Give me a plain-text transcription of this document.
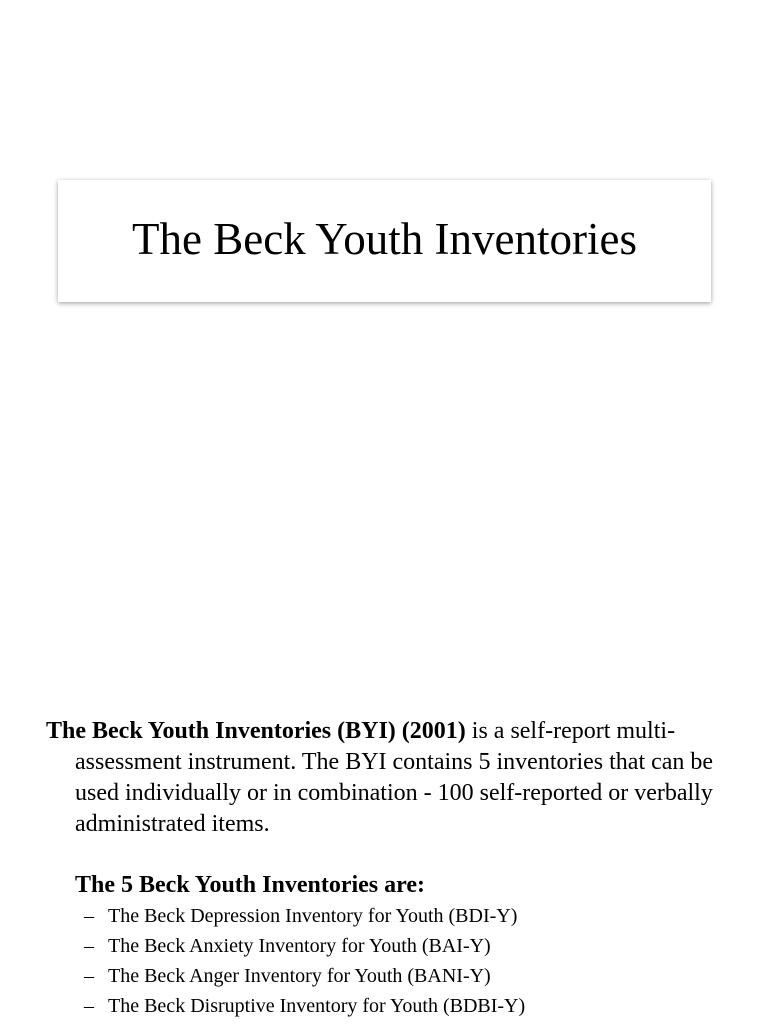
The Beck Youth Inventories

The Beck Youth Inventories (BYI) (2001) is a self-report multi-assessment instrument. The BYI contains 5 inventories that can be used individually or in combination - 100 self-reported or verbally administrated items.

The 5 Beck Youth Inventories are:
– The Beck Depression Inventory for Youth (BDI-Y)
– The Beck Anxiety Inventory for Youth (BAI-Y)
– The Beck Anger Inventory for Youth (BANI-Y)
– The Beck Disruptive Inventory for Youth (BDBI-Y)
